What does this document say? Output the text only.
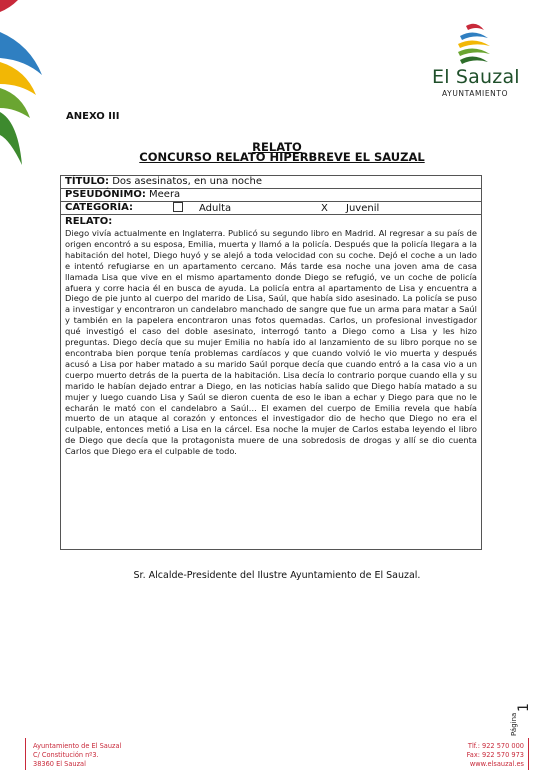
El Sauzal
AYUNTAMIENTO
ANEXO III
RELATO
CONCURSO RELATO HIPERBREVE EL SAUZAL
TÍTULO: Dos asesinatos, en una noche
PSEUDÓNIMO: Meera
CATEGORÍA:	Adulta	X Juvenil
RELATO:
Diego vivía actualmente en Inglaterra. Publicó su segundo libro en Madrid. Al regresar a su país de origen encontró a su esposa, Emilia, muerta y llamó a la policía. Después que la policía llegara a la habitación del hotel, Diego huyó y se alejó a toda velocidad con su coche. Dejó el coche a un lado e intentó refugiarse en un apartamento cercano. Más tarde esa noche una joven ama de casa llamada Lisa que vive en el mismo apartamento donde Diego se refugió, ve un coche de policía afuera y corre hacia él en busca de ayuda. La policía entra al apartamento de Lisa y encuentra a Diego de pie junto al cuerpo del marido de Lisa, Saúl, que había sido asesinado. La policía se puso a investigar y encontraron un candelabro manchado de sangre que fue un arma para matar a Saúl y también en la papelera encontraron unas fotos quemadas. Carlos, un profesional investigador qué investigó el caso del doble asesinato, interrogó tanto a Diego como a Lisa y les hizo preguntas. Diego decía que su mujer Emilia no había ido al lanzamiento de su libro porque no se encontraba bien porque tenía problemas cardíacos y que cuando volvió le vio muerta y después acusó a Lisa por haber matado a su marido Saúl porque decía que cuando entró a la casa vio a un cuerpo muerto detrás de la puerta de la habitación. Lisa decía lo contrario porque cuando ella y su marido le habían dejado entrar a Diego, en las noticias había salido que Diego había matado a su mujer y luego cuando Lisa y Saúl se dieron cuenta de eso le iban a echar y Diego para que no le echarán le mató con el candelabro a Saúl… El examen del cuerpo de Emilia revela que había muerto de un ataque al corazón y entonces el investigador dio de hecho que Diego no era el culpable, entonces metió a Lisa en la cárcel. Esa noche la mujer de Carlos estaba leyendo el libro de Diego que decía que la protagonista muere de una sobredosis de drogas y allí se dio cuenta Carlos que Diego era el culpable de todo.
Sr. Alcalde-Presidente del Ilustre Ayuntamiento de El Sauzal.
Página
1
Ayuntamiento de El Sauzal
C/ Constitución nº3.
38360 El Sauzal
Tlf.: 922 570 000
Fax: 922 570 973
www.elsauzal.es
